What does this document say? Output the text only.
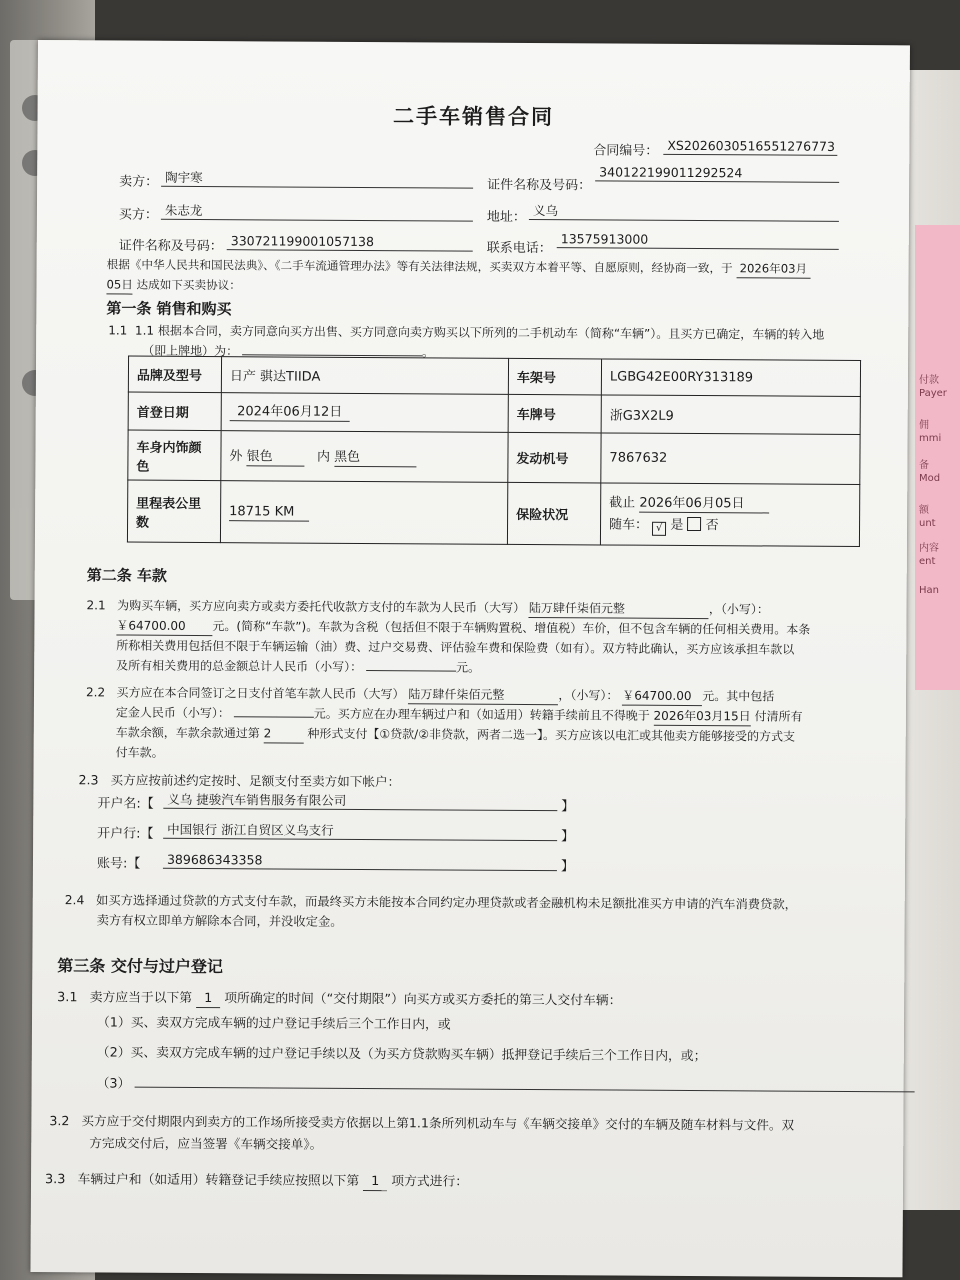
付款
Payer
佣
mmi
备
Mod
额
unt
内容
ent
Han
二手车销售合同
合同编号： XS20260305165512767​73
卖方： 陶宇寒
证件名称及号码：
340122199011292524
买方： 朱志龙	地址： 义乌
证件名称及号码： 330721199001057138	联系电话：
13575913000
根据《中华人民共和国民法典》、《二手车流通管理办法》等有关法律法规，买卖双方本着平等、自愿原则，经协商一致，于 2026年03月
05日 达成如下买卖协议：
第一条 销售和购买
1.1 1.1 根据本合同，卖方同意向买方出售、买方同意向卖方购买以下所列的二手机动车（简称“车辆”）。且买方已确定，车辆的转入地
（即上牌地）为：	。
品牌及型号	日产 骐达TIIDA	车架号	LGBG42E00RY313189
首登日期	2024年06月12日	车牌号	浙G3X2L9
车身内饰颜色	外 银色 内 黑色	发动机号	7867632
里程表公里数	18715 KM	保险状况	截止 2026年06月05日
随车： √ 是 否
第二条 车款
2.1 为购买车辆，买方应向卖方或卖方委托代收款方支付的车款为人民币（大写） 陆万肆仟柒佰元整	，（小写）：
￥64700.00 元。(简称“车款”)。车款为含税（包括但不限于车辆购置税、增值税）车价，但不包含车辆的任何相关费用。本条
所称相关费用包括但不限于车辆运输（油）费、过户交易费、评估验车费和保险费（如有）。双方特此确认，买方应该承担车款以
及所有相关费用的总金额总计人民币（小写）：	元。
2.2 买方应在本合同签订之日支付首笔车款人民币（大写） 陆万肆仟柒佰元整	，（小写）： ￥64700.00 元。其中包括
定金人民币（小写）：	元。买方应在办理车辆过户和（如适用）转籍手续前且不得晚于 2026年03月15日 付清所有
车款余额，车款余款通过第 2	种形式支付【①贷款/②非贷款，两者二选一】。买方应该以电汇或其他卖方能够接受的方式支
付车款。
2.3 买方应按前述约定按时、足额支付至卖方如下帐户：
开户名:【	义乌 捷骏汽车销售服务有限公司	】
开户行:【	中国银行 浙江自贸区义乌支行	】
账号:【	389686343358	】
2.4 如买方选择通过贷款的方式支付车款，而最终买方未能按本合同约定办理贷款或者金融机构未足额批准买方申请的汽车消费贷款，
卖方有权立即单方解除本合同，并没收定金。
第三条 交付与过户登记
3.1 卖方应当于以下第 1 项所确定的时间（“交付期限”）向买方或买方委托的第三人交付车辆：
（1）买、卖双方完成车辆的过户登记手续后三个工作日内，或
（2）买、卖双方完成车辆的过户登记手续以及（为买方贷款购买车辆）抵押登记手续后三个工作日内，或；
（3）
3.2 买方应于交付期限内到卖方的工作场所接受卖方依据以上第1.1条所列机动车与《车辆交接单》交付的车辆及随车材料与文件。双
方完成交付后，应当签署《车辆交接单》。
3.3 车辆过户和（如适用）转籍登记手续应按照以下第 1 项方式进行：
